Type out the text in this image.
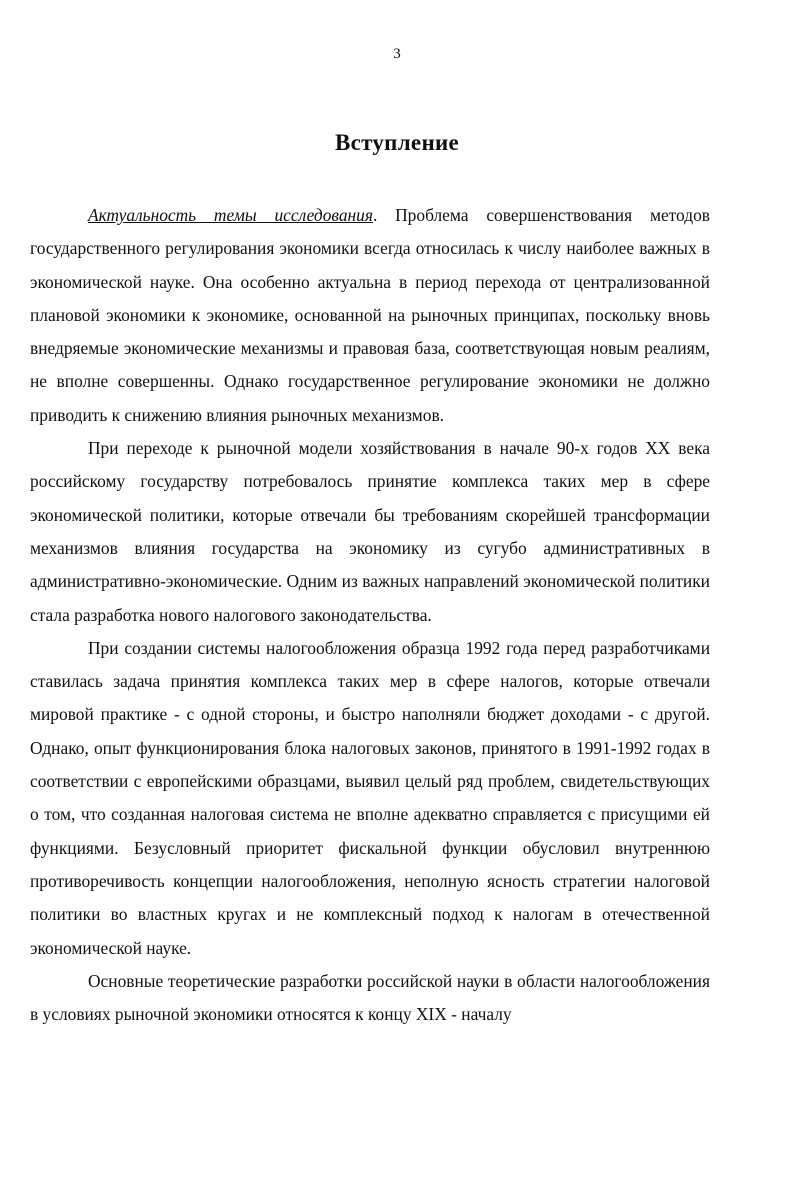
3
Вступление

Актуальность темы исследования. Проблема совершенствования методов государственного регулирования экономики всегда относилась к числу наиболее важных в экономической науке. Она особенно актуальна в период перехода от централизованной плановой экономики к экономике, основанной на рыночных принципах, поскольку вновь внедряемые экономические механизмы и правовая база, соответствующая новым реалиям, не вполне совершенны. Однако государственное регулирование экономики не должно приводить к снижению влияния рыночных механизмов.

При переходе к рыночной модели хозяйствования в начале 90-х годов XX века российскому государству потребовалось принятие комплекса таких мер в сфере экономической политики, которые отвечали бы требованиям скорейшей трансформации механизмов влияния государства на экономику из сугубо административных в административно-экономические. Одним из важных направлений экономической политики стала разработка нового налогового законодательства.

При создании системы налогообложения образца 1992 года перед разработчиками ставилась задача принятия комплекса таких мер в сфере налогов, которые отвечали мировой практике - с одной стороны, и быстро наполняли бюджет доходами - с другой. Однако, опыт функционирования блока налоговых законов, принятого в 1991-1992 годах в соответствии с европейскими образцами, выявил целый ряд проблем, свидетельствующих о том, что созданная налоговая система не вполне адекватно справляется с присущими ей функциями. Безусловный приоритет фискальной функции обусловил внутреннюю противоречивость концепции налогообложения, неполную ясность стратегии налоговой политики во властных кругах и не комплексный подход к налогам в отечественной экономической науке.

Основные теоретические разработки российской науки в области налогообложения в условиях рыночной экономики относятся к концу XIX - началу
